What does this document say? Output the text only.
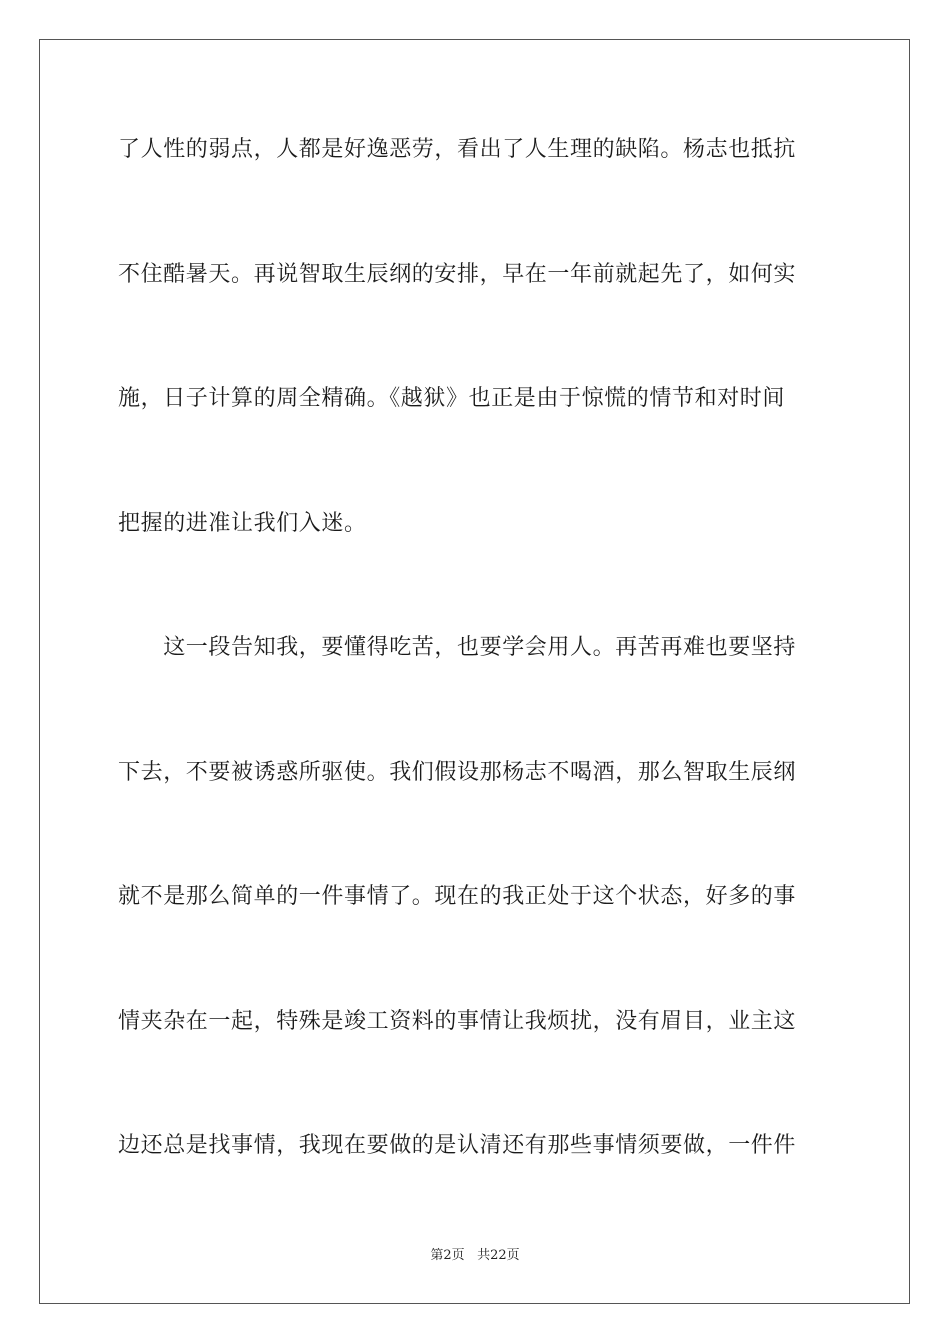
了人性的弱点，人都是好逸恶劳，看出了人生理的缺陷。杨志也抵抗
不住酷暑天。再说智取生辰纲的安排，早在一年前就起先了，如何实
施，日子计算的周全精确。《越狱》也正是由于惊慌的情节和对时间
把握的进准让我们入迷。
　　这一段告知我，要懂得吃苦，也要学会用人。再苦再难也要坚持
下去，不要被诱惑所驱使。我们假设那杨志不喝酒，那么智取生辰纲
就不是那么简单的一件事情了。现在的我正处于这个状态，好多的事
情夹杂在一起，特殊是竣工资料的事情让我烦扰，没有眉目，业主这
边还总是找事情，我现在要做的是认清还有那些事情须要做，一件件
第2页 共22页
